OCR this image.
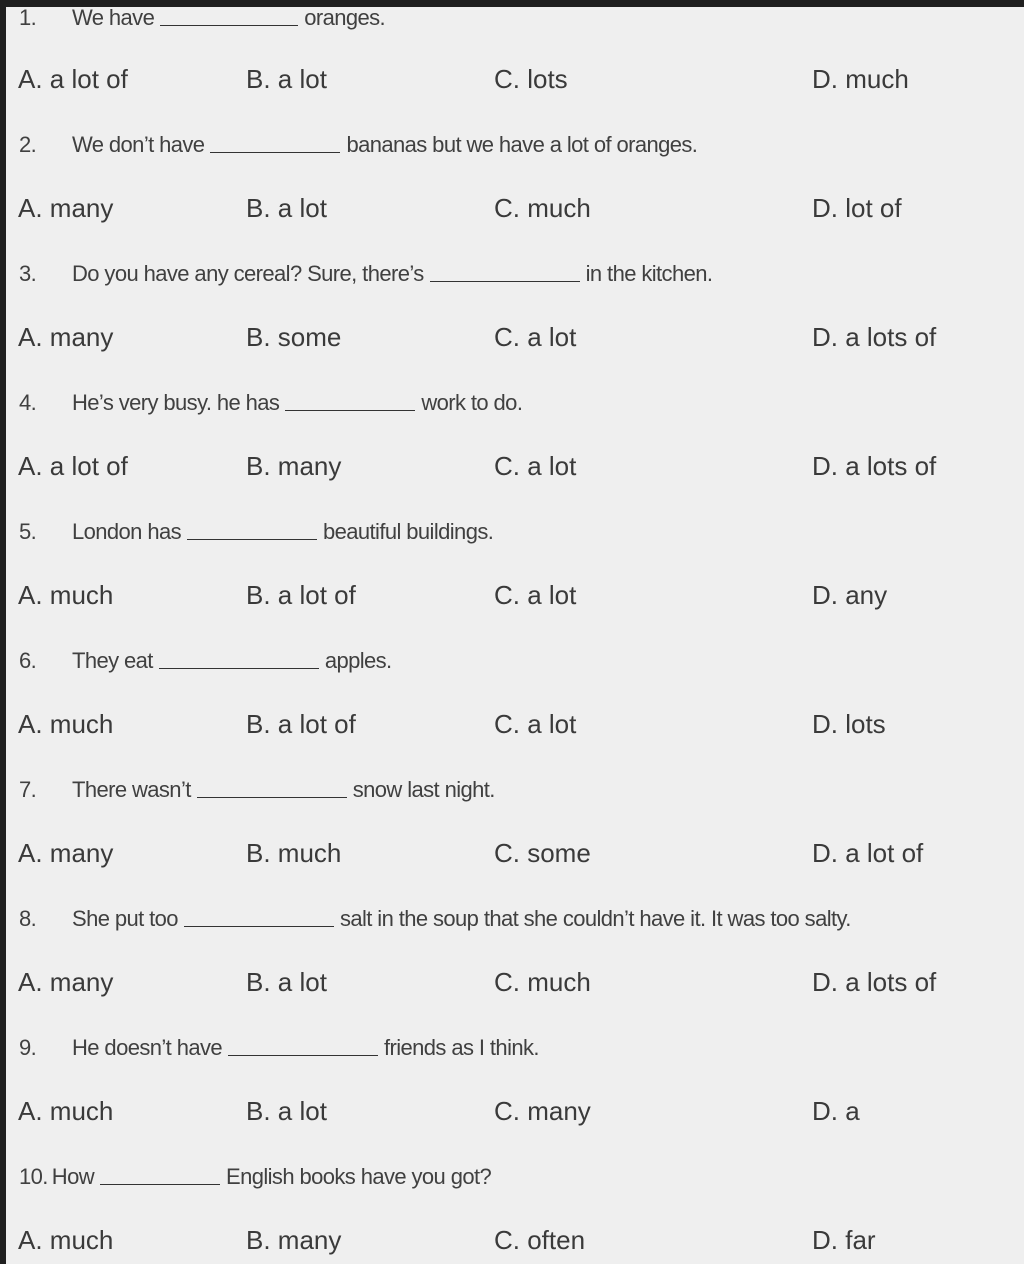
1.	We have	oranges.
A. a lot of	B. a lot	C. lots	D. much
2.	We don’t have	bananas but we have a lot of oranges.
A. many	B. a lot	C. much	D. lot of
3.	Do you have any cereal? Sure, there’s	in the kitchen.
A. many	B. some	C. a lot	D. a lots of
4.	He’s very busy. he has	work to do.
A. a lot of	B. many	C. a lot	D. a lots of
5.	London has	beautiful buildings.
A. much	B. a lot of	C. a lot	D. any
6.	They eat	apples.
A. much	B. a lot of	C. a lot	D. lots
7.	There wasn’t	snow last night.
A. many	B. much	C. some	D. a lot of
8.	She put too	salt in the soup that she couldn’t have it. It was too salty.
A. many	B. a lot	C. much	D. a lots of
9.	He doesn’t have	friends as I think.
A. much	B. a lot	C. many	D. a
10. How	English books have you got?
A. much	B. many	C. often	D. far
